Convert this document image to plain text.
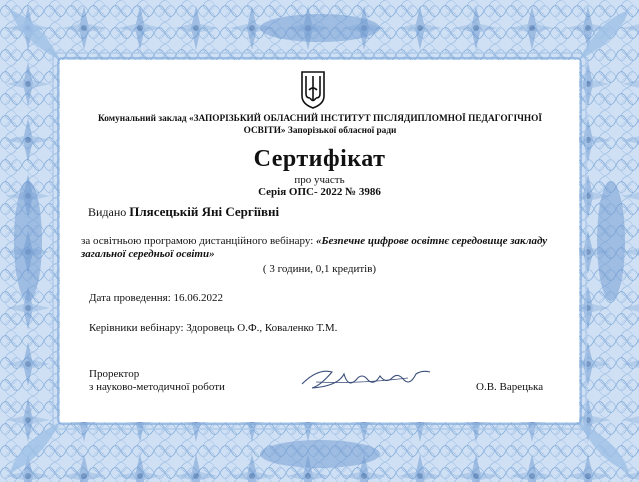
Комунальний заклад «ЗАПОРІЗЬКИЙ ОБЛАСНИЙ ІНСТИТУТ ПІСЛЯДИПЛОМНОЇ ПЕДАГОГІЧНОЇ ОСВІТИ» Запорізької обласної ради
Сертифікат
про участь
Серія ОПС- 2022 № 3986
Видано Плясецькій Яні Сергіївні
за освітньою програмою дистанційного вебінару: «Безпечне цифрове освітнє середовище закладу загальної середньої освіти»
( 3 години, 0,1 кредитів)
Дата проведення: 16.06.2022
Керівники вебінару: Здоровець О.Ф., Коваленко Т.М.
Проректор
з науково-методичної роботи	О.В. Варецька
